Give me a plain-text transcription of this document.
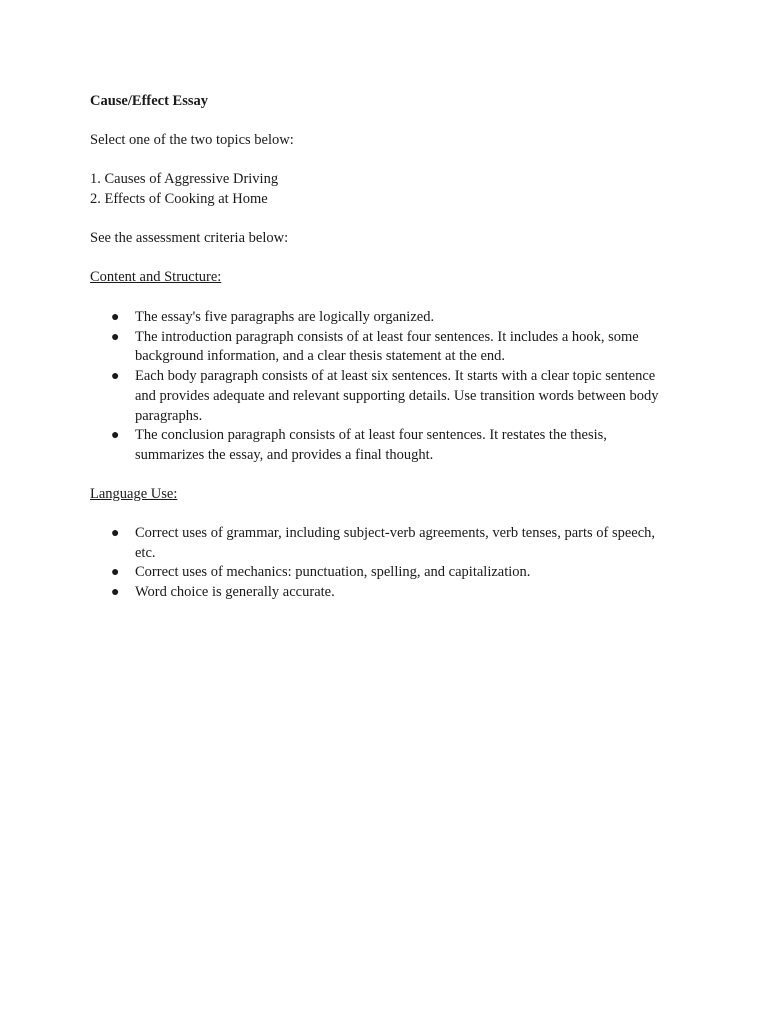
Cause/Effect Essay

Select one of the two topics below:

1. Causes of Aggressive Driving
2. Effects of Cooking at Home

See the assessment criteria below:

Content and Structure:

● The essay's five paragraphs are logically organized.
● The introduction paragraph consists of at least four sentences. It includes a hook, some background information, and a clear thesis statement at the end.
● Each body paragraph consists of at least six sentences. It starts with a clear topic sentence and provides adequate and relevant supporting details. Use transition words between body paragraphs.
● The conclusion paragraph consists of at least four sentences. It restates the thesis, summarizes the essay, and provides a final thought.

Language Use:

● Correct uses of grammar, including subject-verb agreements, verb tenses, parts of speech, etc.
● Correct uses of mechanics: punctuation, spelling, and capitalization.
● Word choice is generally accurate.
